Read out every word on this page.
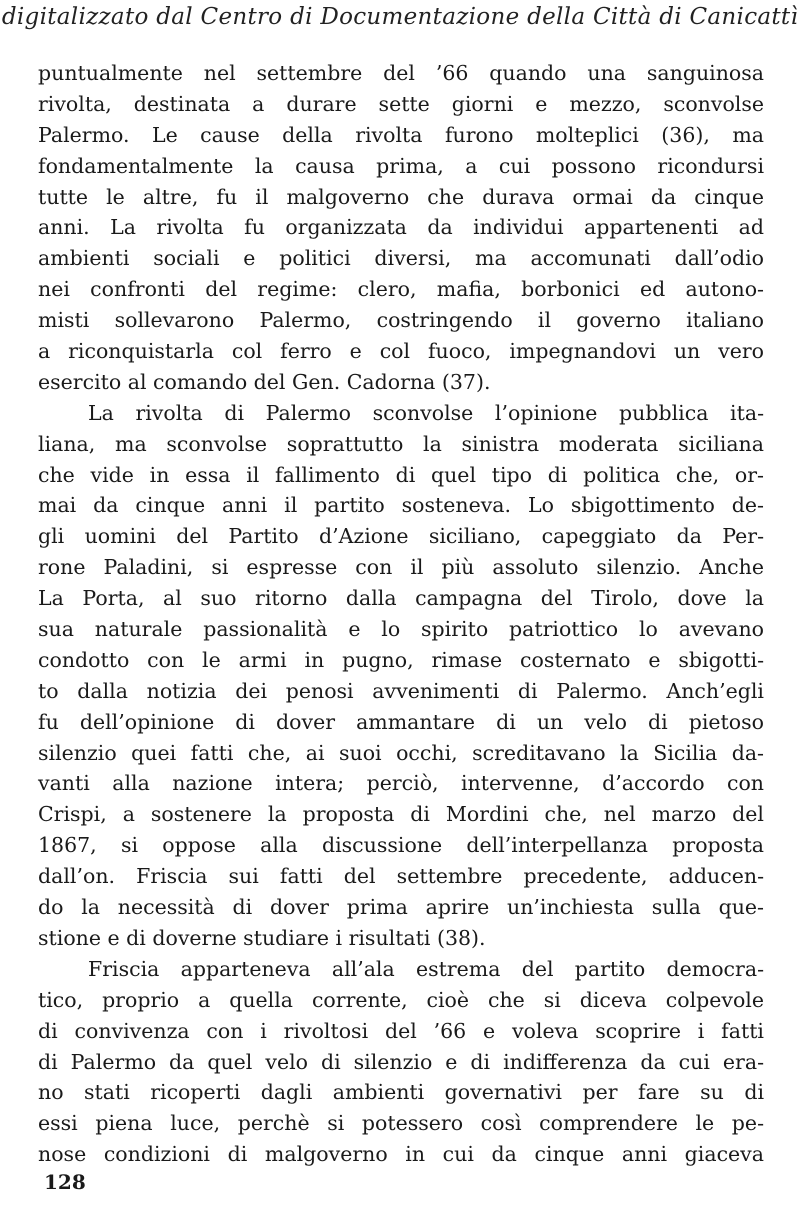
digitalizzato dal Centro di Documentazione della Città di Canicattì

puntualmente nel settembre del ’66 quando una sanguinosa
rivolta, destinata a durare sette giorni e mezzo, sconvolse
Palermo. Le cause della rivolta furono molteplici (36), ma
fondamentalmente la causa prima, a cui possono ricondursi
tutte le altre, fu il malgoverno che durava ormai da cinque
anni. La rivolta fu organizzata da individui appartenenti ad
ambienti sociali e politici diversi, ma accomunati dall’odio
nei confronti del regime: clero, mafia, borbonici ed autono-
misti sollevarono Palermo, costringendo il governo italiano
a riconquistarla col ferro e col fuoco, impegnandovi un vero
esercito al comando del Gen. Cadorna (37).

La rivolta di Palermo sconvolse l’opinione pubblica ita-
liana, ma sconvolse soprattutto la sinistra moderata siciliana
che vide in essa il fallimento di quel tipo di politica che, or-
mai da cinque anni il partito sosteneva. Lo sbigottimento de-
gli uomini del Partito d’Azione siciliano, capeggiato da Per-
rone Paladini, si espresse con il più assoluto silenzio. Anche
La Porta, al suo ritorno dalla campagna del Tirolo, dove la
sua naturale passionalità e lo spirito patriottico lo avevano
condotto con le armi in pugno, rimase costernato e sbigotti-
to dalla notizia dei penosi avvenimenti di Palermo. Anch’egli
fu dell’opinione di dover ammantare di un velo di pietoso
silenzio quei fatti che, ai suoi occhi, screditavano la Sicilia da-
vanti alla nazione intera; perciò, intervenne, d’accordo con
Crispi, a sostenere la proposta di Mordini che, nel marzo del
1867, si oppose alla discussione dell’interpellanza proposta
dall’on. Friscia sui fatti del settembre precedente, adducen-
do la necessità di dover prima aprire un’inchiesta sulla que-
stione e di doverne studiare i risultati (38).

Friscia apparteneva all’ala estrema del partito democra-
tico, proprio a quella corrente, cioè che si diceva colpevole
di convivenza con i rivoltosi del ’66 e voleva scoprire i fatti
di Palermo da quel velo di silenzio e di indifferenza da cui era-
no stati ricoperti dagli ambienti governativi per fare su di
essi piena luce, perchè si potessero così comprendere le pe-
nose condizioni di malgoverno in cui da cinque anni giaceva

128
